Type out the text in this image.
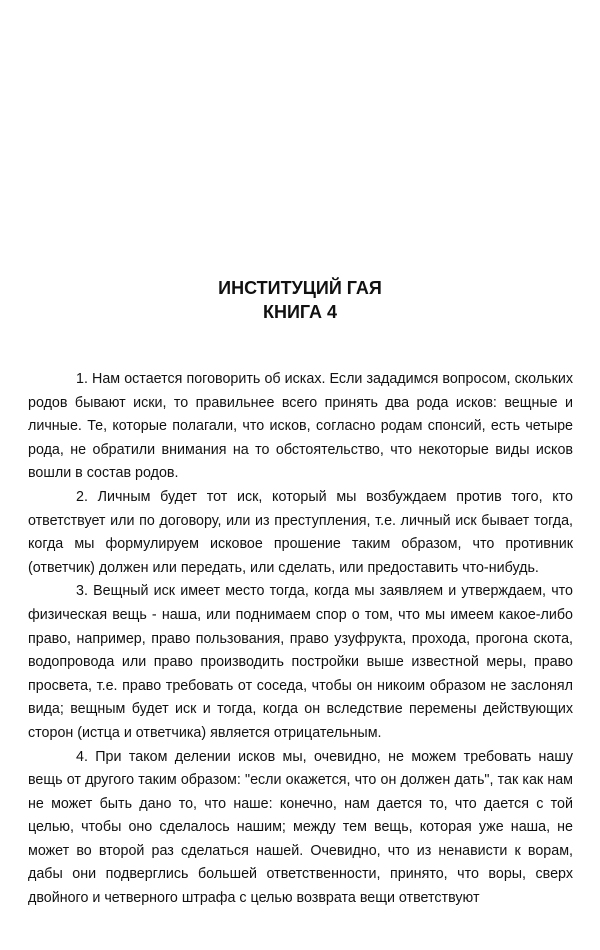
ИНСТИТУЦИЙ ГАЯ
КНИГА 4

1. Нам остается поговорить об исках. Если зададимся вопросом, скольких родов бывают иски, то правильнее всего принять два рода исков: вещные и личные. Те, которые полагали, что исков, согласно родам спонсий, есть четыре рода, не обратили внимания на то обстоятельство, что некоторые виды исков вошли в состав родов.

2. Личным будет тот иск, который мы возбуждаем против того, кто ответствует или по договору, или из преступления, т.е. личный иск бывает тогда, когда мы формулируем исковое прошение таким образом, что противник (ответчик) должен или передать, или сделать, или предоставить что-нибудь.

3. Вещный иск имеет место тогда, когда мы заявляем и утверждаем, что физическая вещь - наша, или поднимаем спор о том, что мы имеем какое-либо право, например, право пользования, право узуфрукта, прохода, прогона скота, водопровода или право производить постройки выше известной меры, право просвета, т.е. право требовать от соседа, чтобы он никоим образом не заслонял вида; вещным будет иск и тогда, когда он вследствие перемены действующих сторон (истца и ответчика) является отрицательным.

4. При таком делении исков мы, очевидно, не можем требовать нашу вещь от другого таким образом: "если окажется, что он должен дать", так как нам не может быть дано то, что наше: конечно, нам дается то, что дается с той целью, чтобы оно сделалось нашим; между тем вещь, которая уже наша, не может во второй раз сделаться нашей. Очевидно, что из ненависти к ворам, дабы они подверглись большей ответственности, принято, что воры, сверх двойного и четверного штрафа с целью возврата вещи ответствуют
